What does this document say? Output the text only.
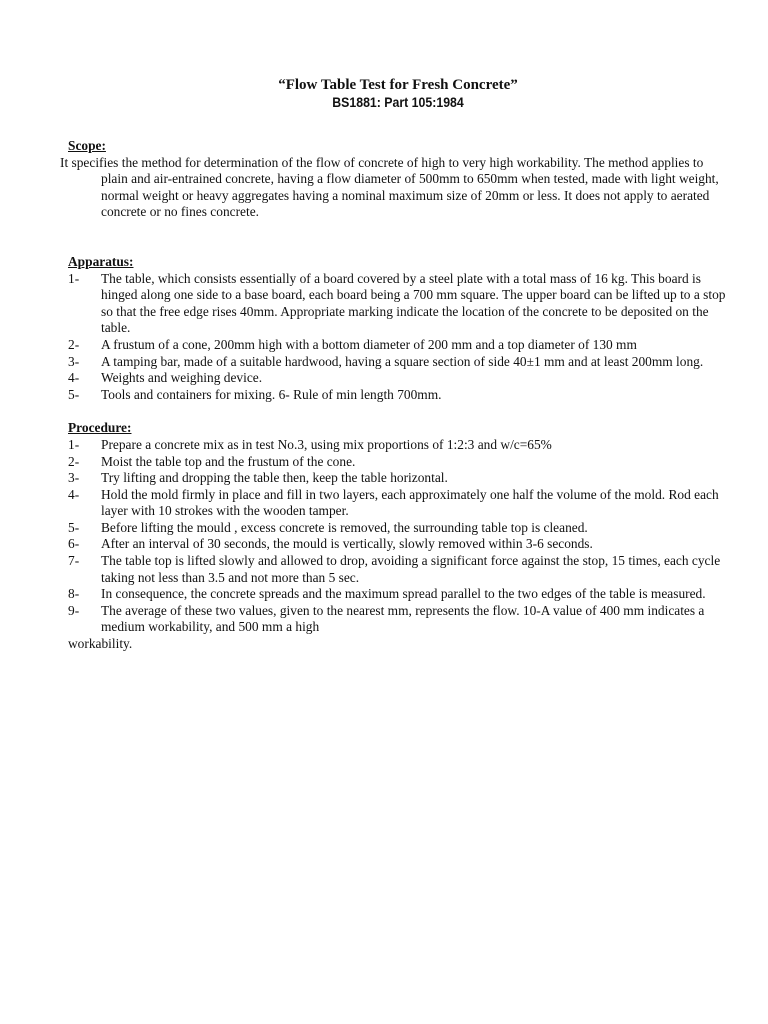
“Flow Table Test for Fresh Concrete”
BS1881: Part 105:1984
Scope:
It specifies the method for determination of the flow of concrete of high to very high workability. The method applies to plain and air-entrained concrete, having a flow diameter of 500mm to 650mm when tested, made with light weight, normal weight or heavy aggregates having a nominal maximum size of 20mm or less. It does not apply to aerated concrete or no fines concrete.
Apparatus:
1- The table, which consists essentially of a board covered by a steel plate with a total mass of 16 kg. This board is hinged along one side to a base board, each board being a 700 mm square. The upper board can be lifted up to a stop so that the free edge rises 40mm. Appropriate marking indicate the location of the concrete to be deposited on the table.
2- A frustum of a cone, 200mm high with a bottom diameter of 200 mm and a top diameter of 130 mm
3- A tamping bar, made of a suitable hardwood, having a square section of side 40±1 mm and at least 200mm long.
4- Weights and weighing device.
5- Tools and containers for mixing. 6- Rule of min length 700mm.
Procedure:
1- Prepare a concrete mix as in test No.3, using mix proportions of 1:2:3 and w/c=65%
2- Moist the table top and the frustum of the cone.
3- Try lifting and dropping the table then, keep the table horizontal.
4- Hold the mold firmly in place and fill in two layers, each approximately one half the volume of the mold. Rod each layer with 10 strokes with the wooden tamper.
5- Before lifting the mould , excess concrete is removed, the surrounding table top is cleaned.
6- After an interval of 30 seconds, the mould is vertically, slowly removed within 3-6 seconds.
7- The table top is lifted slowly and allowed to drop, avoiding a significant force against the stop, 15 times, each cycle taking not less than 3.5 and not more than 5 sec.
8- In consequence, the concrete spreads and the maximum spread parallel to the two edges of the table is measured.
9- The average of these two values, given to the nearest mm, represents the flow. 10-A value of 400 mm indicates a medium workability, and 500 mm a high
workability.
